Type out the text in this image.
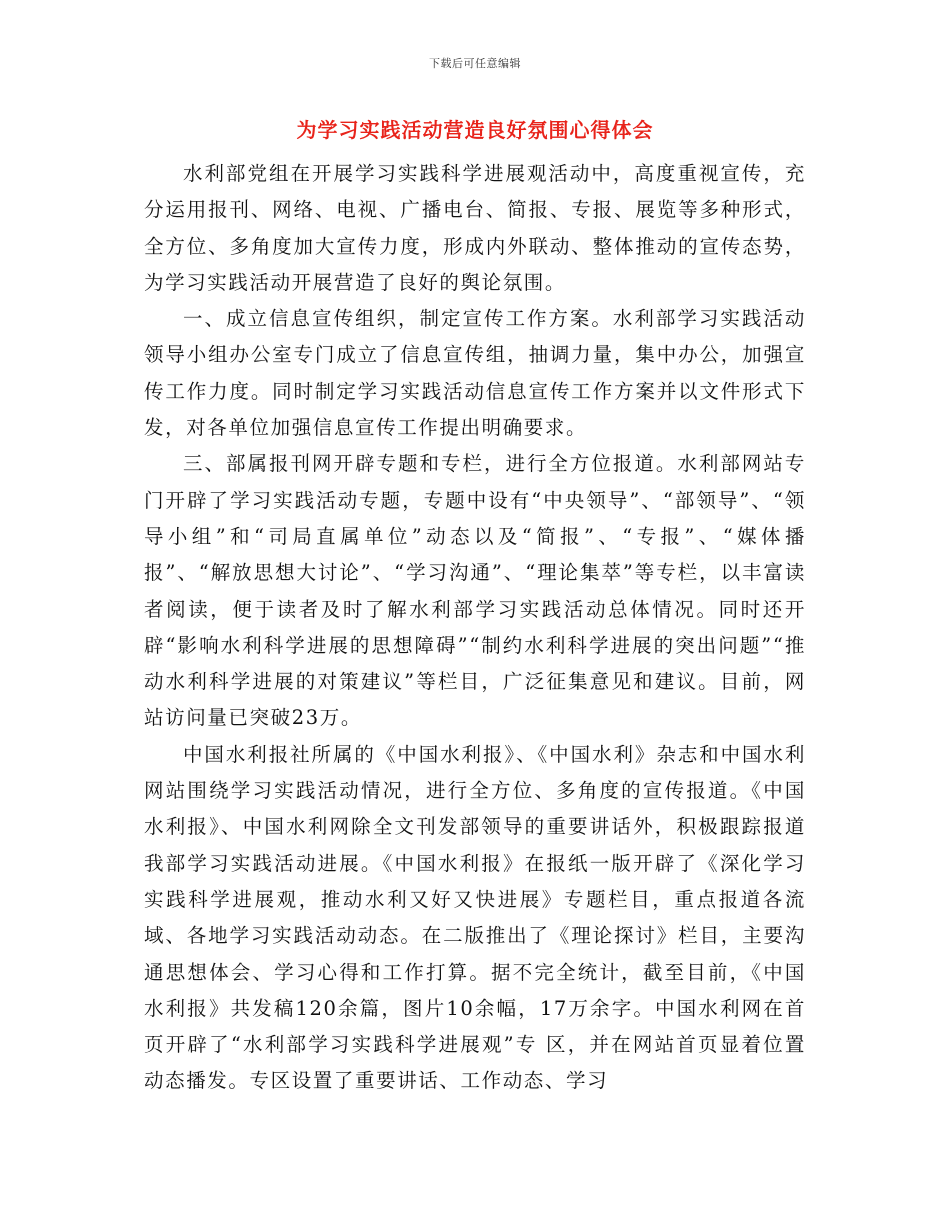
下载后可任意编辑
为学习实践活动营造良好氛围心得体会

水利部党组在开展学习实践科学进展观活动中，高度重视宣传，充分运用报刊、网络、电视、广播电台、简报、专报、展览等多种形式，全方位、多角度加大宣传力度，形成内外联动、整体推动的宣传态势，为学习实践活动开展营造了良好的舆论氛围。

一、成立信息宣传组织，制定宣传工作方案。水利部学习实践活动领导小组办公室专门成立了信息宣传组，抽调力量，集中办公，加强宣传工作力度。同时制定学习实践活动信息宣传工作方案并以文件形式下发，对各单位加强信息宣传工作提出明确要求。

三、部属报刊网开辟专题和专栏，进行全方位报道。水利部网站专门开辟了学习实践活动专题，专题中设有“中央领导”、“部领导”、“领导小组”和“司局直属单位”动态以及“简报”、“专报”、“媒体播报”、“解放思想大讨论”、“学习沟通”、“理论集萃”等专栏，以丰富读者阅读，便于读者及时了解水利部学习实践活动总体情况。同时还开辟“影响水利科学进展的思想障碍”“制约水利科学进展的突出问题”“推动水利科学进展的对策建议”等栏目，广泛征集意见和建议。目前，网站访问量已突破23万。

中国水利报社所属的《中国水利报》、《中国水利》杂志和中国水利网站围绕学习实践活动情况，进行全方位、多角度的宣传报道。《中国水利报》、中国水利网除全文刊发部领导的重要讲话外，积极跟踪报道我部学习实践活动进展。《中国水利报》在报纸一版开辟了《深化学习实践科学进展观，推动水利又好又快进展》专题栏目，重点报道各流域、各地学习实践活动动态。在二版推出了《理论探讨》栏目，主要沟通思想体会、学习心得和工作打算。据不完全统计，截至目前，《中国水利报》共发稿120余篇，图片10余幅，17万余字。中国水利网在首页开辟了“水利部学习实践科学进展观”专 区，并在网站首页显着位置动态播发。专区设置了重要讲话、工作动态、学习
